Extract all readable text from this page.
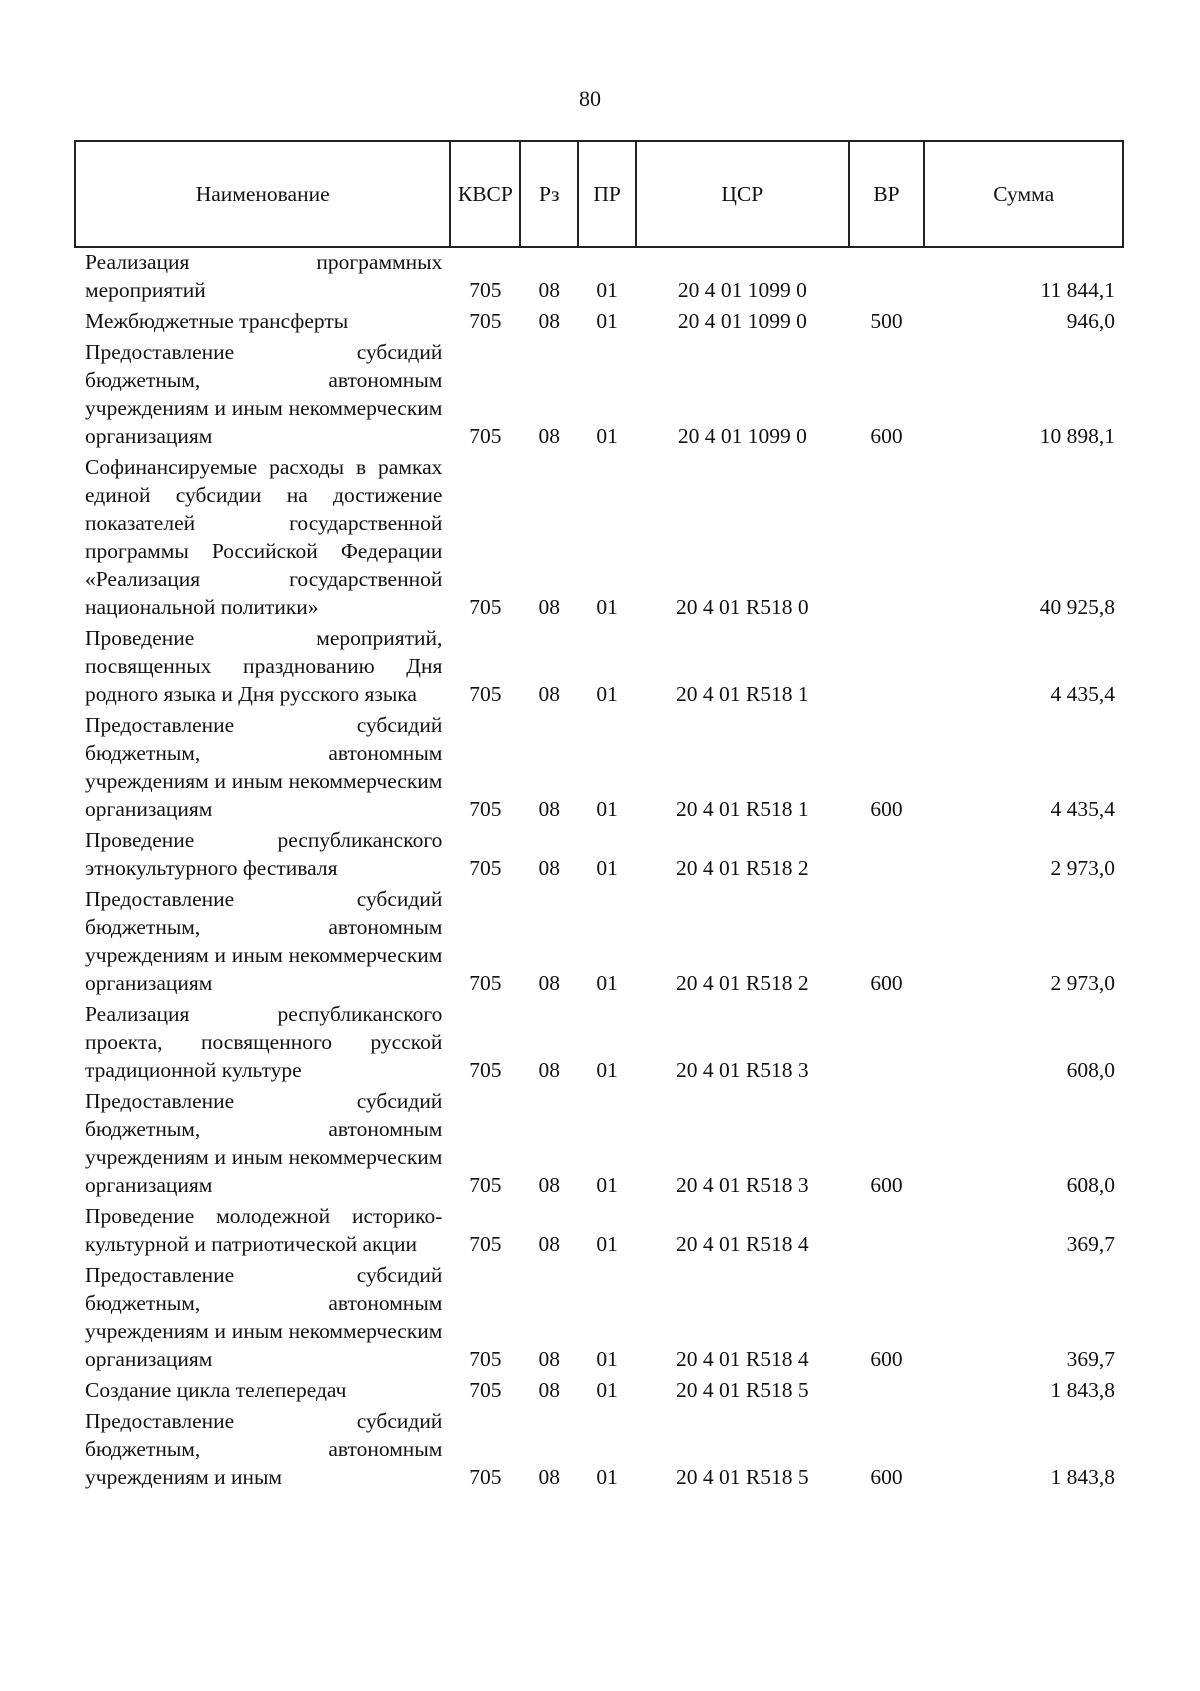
80
Наименование	КВСР	Рз	ПР	ЦСР	ВР	Сумма
Реализация программных мероприятий	705	08	01	20 4 01 1099 0		11 844,1
Межбюджетные трансферты	705	08	01	20 4 01 1099 0	500	946,0
Предоставление субсидий бюджетным, автономным учреждениям и иным некоммерческим организациям	705	08	01	20 4 01 1099 0	600	10 898,1
Софинансируемые расходы в рамках единой субсидии на достижение показателей государственной программы Российской Федерации «Реализация государственной национальной политики»	705	08	01	20 4 01 R518 0		40 925,8
Проведение мероприятий, посвященных празднованию Дня родного языка и Дня русского языка	705	08	01	20 4 01 R518 1		4 435,4
Предоставление субсидий бюджетным, автономным учреждениям и иным некоммерческим организациям	705	08	01	20 4 01 R518 1	600	4 435,4
Проведение республиканского этнокультурного фестиваля	705	08	01	20 4 01 R518 2		2 973,0
Предоставление субсидий бюджетным, автономным учреждениям и иным некоммерческим организациям	705	08	01	20 4 01 R518 2	600	2 973,0
Реализация республиканского проекта, посвященного русской традиционной культуре	705	08	01	20 4 01 R518 3		608,0
Предоставление субсидий бюджетным, автономным учреждениям и иным некоммерческим организациям	705	08	01	20 4 01 R518 3	600	608,0
Проведение молодежной историко-культурной и патриотической акции	705	08	01	20 4 01 R518 4		369,7
Предоставление субсидий бюджетным, автономным учреждениям и иным некоммерческим организациям	705	08	01	20 4 01 R518 4	600	369,7
Создание цикла телепередач	705	08	01	20 4 01 R518 5		1 843,8
Предоставление субсидий бюджетным, автономным учреждениям и иным	705	08	01	20 4 01 R518 5	600	1 843,8
